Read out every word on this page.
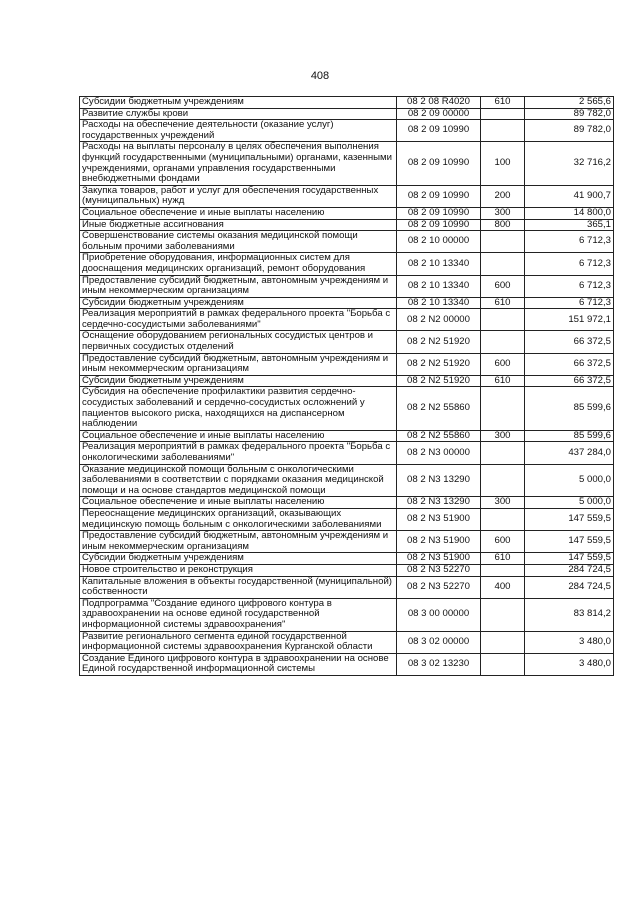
408
Субсидии бюджетным учреждениям	08 2 08 R4020	610	2 565,6
Развитие службы крови	08 2 09 00000		89 782,0
Расходы на обеспечение деятельности (оказание услуг) государственных учреждений	08 2 09 10990		89 782,0
Расходы на выплаты персоналу в целях обеспечения выполнения функций государственными (муниципальными) органами, казенными учреждениями, органами управления государственными внебюджетными фондами	08 2 09 10990	100	32 716,2
Закупка товаров, работ и услуг для обеспечения государственных (муниципальных) нужд	08 2 09 10990	200	41 900,7
Социальное обеспечение и иные выплаты населению	08 2 09 10990	300	14 800,0
Иные бюджетные ассигнования	08 2 09 10990	800	365,1
Совершенствование системы оказания медицинской помощи больным прочими заболеваниями	08 2 10 00000		6 712,3
Приобретение оборудования, информационных систем для дооснащения медицинских организаций, ремонт оборудования	08 2 10 13340		6 712,3
Предоставление субсидий бюджетным, автономным учреждениям и иным некоммерческим организациям	08 2 10 13340	600	6 712,3
Субсидии бюджетным учреждениям	08 2 10 13340	610	6 712,3
Реализация мероприятий в рамках федерального проекта "Борьба с сердечно-сосудистыми заболеваниями"	08 2 N2 00000		151 972,1
Оснащение оборудованием региональных сосудистых центров и первичных сосудистых отделений	08 2 N2 51920		66 372,5
Предоставление субсидий бюджетным, автономным учреждениям и иным некоммерческим организациям	08 2 N2 51920	600	66 372,5
Субсидии бюджетным учреждениям	08 2 N2 51920	610	66 372,5
Субсидия на обеспечение профилактики развития сердечно-сосудистых заболеваний и сердечно-сосудистых осложнений у пациентов высокого риска, находящихся на диспансерном наблюдении	08 2 N2 55860		85 599,6
Социальное обеспечение и иные выплаты населению	08 2 N2 55860	300	85 599,6
Реализация мероприятий в рамках федерального проекта "Борьба с онкологическими заболеваниями"	08 2 N3 00000		437 284,0
Оказание медицинской помощи больным с онкологическими заболеваниями в соответствии с порядками оказания медицинской помощи и на основе стандартов медицинской помощи	08 2 N3 13290		5 000,0
Социальное обеспечение и иные выплаты населению	08 2 N3 13290	300	5 000,0
Переоснащение медицинских организаций, оказывающих медицинскую помощь больным с онкологическими заболеваниями	08 2 N3 51900		147 559,5
Предоставление субсидий бюджетным, автономным учреждениям и иным некоммерческим организациям	08 2 N3 51900	600	147 559,5
Субсидии бюджетным учреждениям	08 2 N3 51900	610	147 559,5
Новое строительство и реконструкция	08 2 N3 52270		284 724,5
Капитальные вложения в объекты государственной (муниципальной) собственности	08 2 N3 52270	400	284 724,5
Подпрограмма "Создание единого цифрового контура в здравоохранении на основе единой государственной информационной системы здравоохранения"	08 3 00 00000		83 814,2
Развитие регионального сегмента единой государственной информационной системы здравоохранения Курганской области	08 3 02 00000		3 480,0
Создание Единого цифрового контура в здравоохранении на основе Единой государственной информационной системы	08 3 02 13230		3 480,0
